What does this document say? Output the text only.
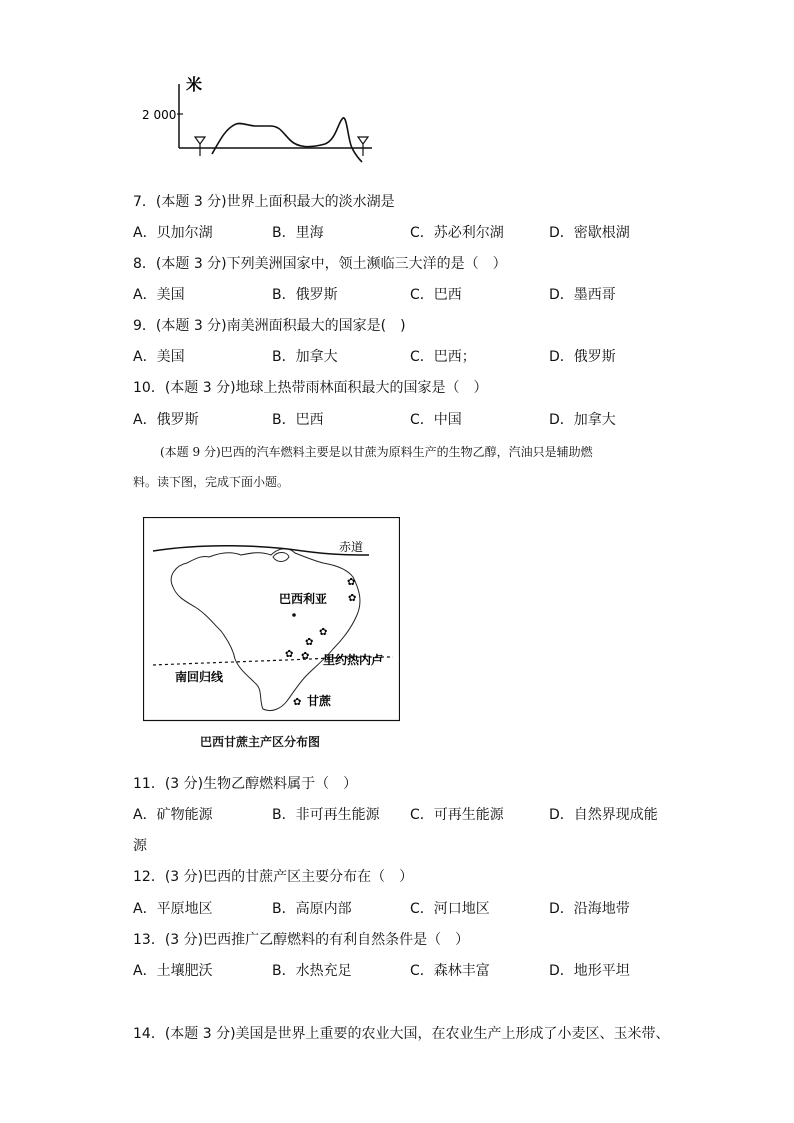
米
2 000
7．(本题 3 分)世界上面积最大的淡水湖是
A．贝加尔湖	B．里海	C．苏必利尔湖	D．密歇根湖
8．(本题 3 分)下列美洲国家中，领土濒临三大洋的是（　）
A．美国	B．俄罗斯	C．巴西	D．墨西哥
9．(本题 3 分)南美洲面积最大的国家是(　)
A．美国	B．加拿大	C．巴西；	D．俄罗斯
10．(本题 3 分)地球上热带雨林面积最大的国家是（　）
A．俄罗斯	B．巴西	C．中国	D．加拿大
(本题 9 分)巴西的汽车燃料主要是以甘蔗为原料生产的生物乙醇，汽油只是辅助燃
料。读下图，完成下面小题。
赤道
南回归线
巴西利亚
里约热内卢
✿
✿
✿
✿
✿ ✿
✿ 甘蔗
巴西甘蔗主产区分布图
11．(3 分)生物乙醇燃料属于（　）
A．矿物能源	B．非可再生能源 C．可再生能源	D．自然界现成能
源
12．(3 分)巴西的甘蔗产区主要分布在（　）
A．平原地区	B．高原内部	C．河口地区	D．沿海地带
13．(3 分)巴西推广乙醇燃料的有利自然条件是（　）
A．土壤肥沃	B．水热充足	C．森林丰富	D．地形平坦
14．(本题 3 分)美国是世界上重要的农业大国，在农业生产上形成了小麦区、玉米带、
